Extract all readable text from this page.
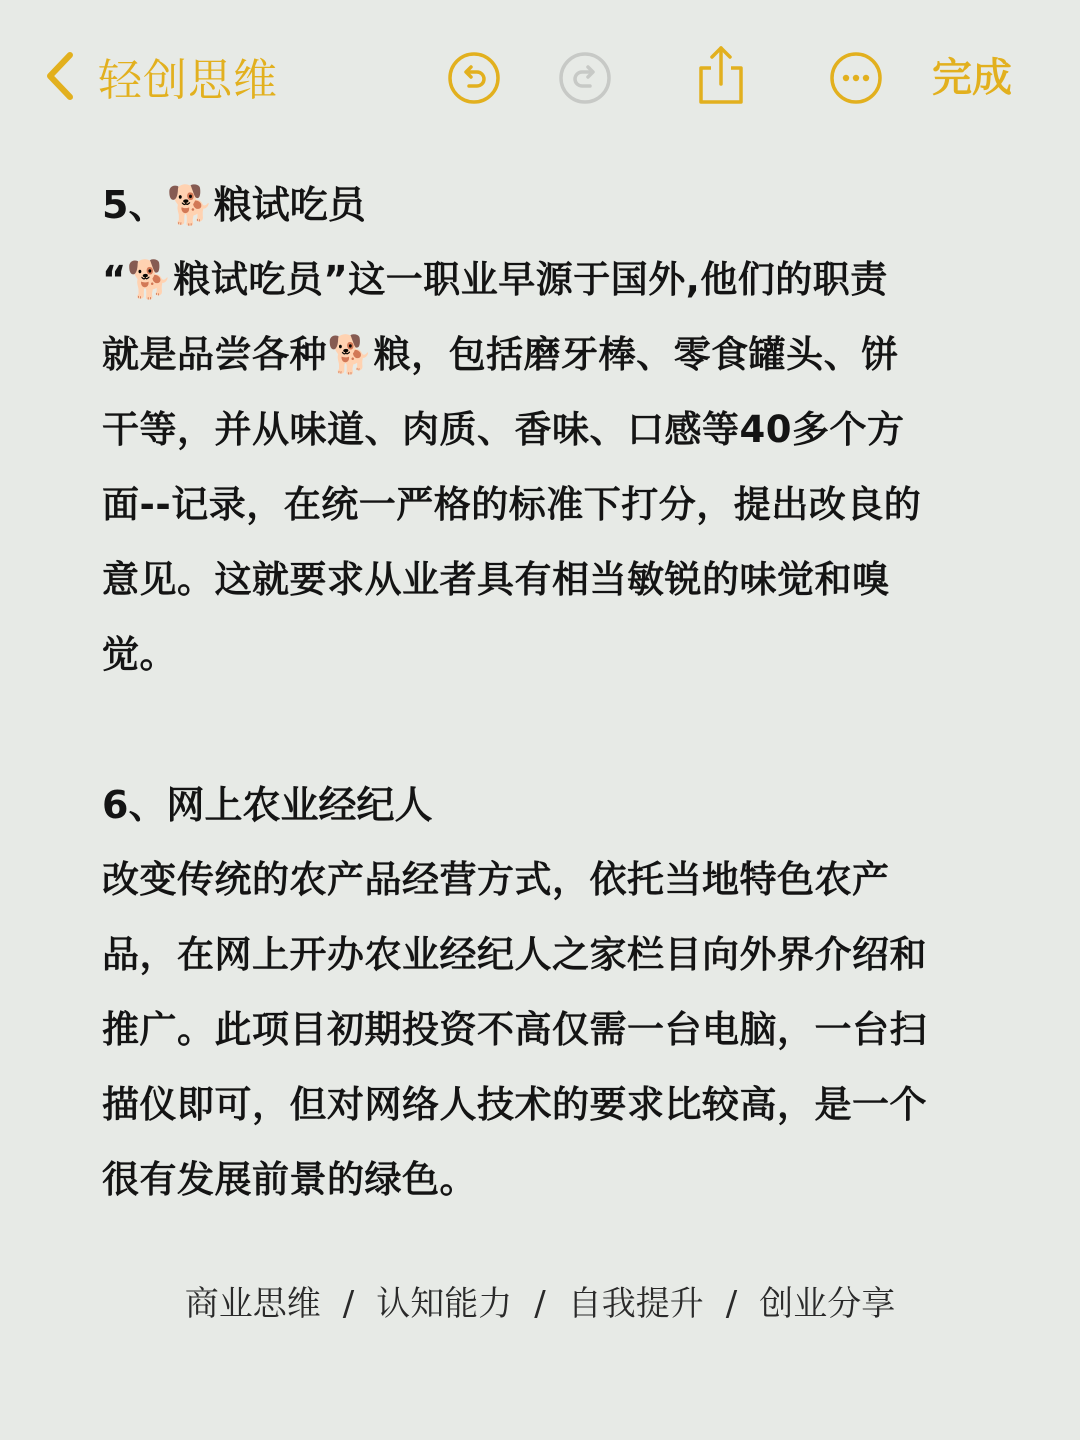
轻创思维	完成
5、🐕粮试吃员
“🐕粮试吃员”这一职业早源于国外,他们的职责
就是品尝各种🐕粮，包括磨牙棒、零食罐头、饼
干等，并从味道、肉质、香味、口感等40多个方
面--记录，在统一严格的标准下打分，提出改良的
意见。这就要求从业者具有相当敏锐的味觉和嗅
觉。
6、网上农业经纪人
改变传统的农产品经营方式，依托当地特色农产
品，在网上开办农业经纪人之家栏目向外界介绍和
推广。此项目初期投资不高仅需一台电脑，一台扫
描仪即可，但对网络人技术的要求比较高，是一个
很有发展前景的绿色。
商业思维 / 认知能力 / 自我提升 / 创业分享
